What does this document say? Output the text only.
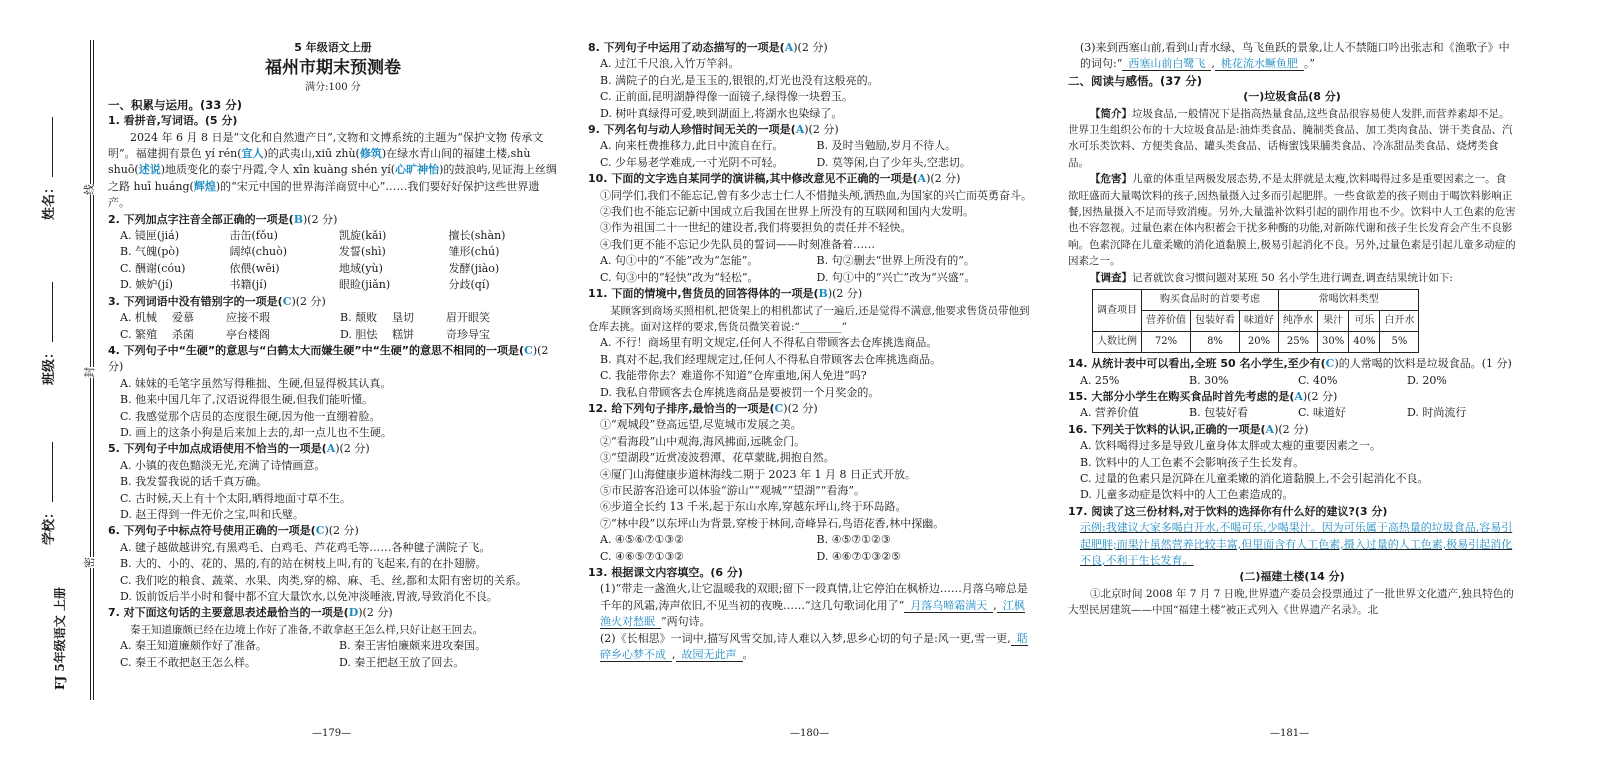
姓名：
班级：
学校：
线
封
密
FJ 5年级语文 上册
5 年级语文上册
福州市期末预测卷
满分:100 分
一、积累与运用。(33 分)
1. 看拼音,写词语。(5 分)
2024 年 6 月 8 日是“文化和自然遗产日”,文物和文博系统的主题为“保护文物 传承文明”。福建拥有景色 yí rén(宜人)的武夷山,xiū zhù(修筑)在绿水青山间的福建土楼,shù shuō(述说)地质变化的泰宁丹霞,令人 xīn kuàng shén yí(心旷神怡)的鼓浪屿,见证海上丝绸之路 huī huáng(辉煌)的“宋元中国的世界海洋商贸中心”……我们要好好保护这些世界遗产。
2. 下列加点字注音全部正确的一项是(B)(2 分)
A. 镜匣(jiá)	击缶(fǒu)	凯旋(kǎi)	擅长(shàn)
B. 气魄(pò)	阔绰(chuò)	发誓(shì)	雏形(chú)
C. 酬谢(cóu)	依偎(wēi)	地域(yù)	发酵(jiào)
D. 嫉妒(jí)	书籍(jí)	眼睑(jiǎn)	分歧(qí)
3. 下列词语中没有错别字的一项是(C)(2 分)
A. 机械	爱慕	应接不瑕	B. 颓败	垦切	眉开眼笑
C. 繁殖	杀菌	亭台楼阁	D. 胆怯	糕饼	奇珍导宝
4. 下列句子中“生硬”的意思与“白鹤太大而嫌生硬”中“生硬”的意思不相同的一项是(C)(2 分)
A. 妹妹的毛笔字虽然写得稚拙、生硬,但显得极其认真。
B. 他来中国几年了,汉语说得很生硬,但我们能听懂。
C. 我感觉那个店员的态度很生硬,因为他一直绷着脸。
D. 画上的这条小狗是后来加上去的,却一点儿也不生硬。
5. 下列句子中加点成语使用不恰当的一项是(A)(2 分)
A. 小镇的夜色黯淡无光,充满了诗情画意。
B. 我发誓我说的话千真万确。
C. 古时候,天上有十个太阳,晒得地面寸草不生。
D. 赵王得到一件无价之宝,叫和氏璧。
6. 下列句子中标点符号使用正确的一项是(C)(2 分)
A. 毽子越做越讲究,有黑鸡毛、白鸡毛、芦花鸡毛等……各种毽子满院子飞。
B. 大的、小的、花的、黑的,有的站在树枝上叫,有的飞起来,有的在扑翅膀。
C. 我们吃的粮食、蔬菜、水果、肉类,穿的棉、麻、毛、丝,都和太阳有密切的关系。
D. 饭前饭后半小时和餐中都不宜大量饮水,以免冲淡唾液,胃液,导致消化不良。
7. 对下面这句话的主要意思表述最恰当的一项是(D)(2 分)
秦王知道廉颇已经在边境上作好了准备,不敢拿赵王怎么样,只好让赵王回去。
A. 秦王知道廉颇作好了准备。	B. 秦王害怕廉颇来进攻秦国。
C. 秦王不敢把赵王怎么样。	D. 秦王把赵王放了回去。
—179—
8. 下列句子中运用了动态描写的一项是(A)(2 分)
A. 过江千尺浪,入竹万竿斜。
B. 满院子的白光,是玉玉的,银银的,灯光也没有这般亮的。
C. 正前面,昆明湖静得像一面镜子,绿得像一块碧玉。
D. 树叶真绿得可爱,映到湖面上,将湖水也染绿了。
9. 下列名句与动人珍惜时间无关的一项是(A)(2 分)
A. 向来枉费推移力,此日中流自在行。	B. 及时当勉励,岁月不待人。
C. 少年易老学难成,一寸光阴不可轻。	D. 莫等闲,白了少年头,空悲切。
10. 下面的文字选自某同学的演讲稿,其中修改意见不正确的一项是(A)(2 分)
①同学们,我们不能忘记,曾有多少志士仁人不惜抛头颅,洒热血,为国家的兴亡而英勇奋斗。
②我们也不能忘记新中国成立后我国在世界上所没有的互联网和国内大发明。
③作为祖国二十一世纪的建设者,我们将要担负的责任并不轻快。
④我们更不能不忘记少先队员的誓词——时刻准备着……
A. 句①中的“不能”改为“怎能”。	B. 句②删去“世界上所没有的”。
C. 句③中的“轻快”改为“轻松”。	D. 句①中的“兴亡”改为“兴盛”。
11. 下面的情境中,售货员的回答得体的一项是(B)(2 分)
某顾客到商场买照相机,把货架上的相机都试了一遍后,还是觉得不满意,他要求售货员带他到仓库去挑。面对这样的要求,售货员微笑着说:“________”
A. 不行！商场里有明文规定,任何人不得私自带顾客去仓库挑选商品。
B. 真对不起,我们经理规定过,任何人不得私自带顾客去仓库挑选商品。
C. 我能带你去？难道你不知道“仓库重地,闲人免进”吗?
D. 我私自带顾客去仓库挑选商品是要被罚一个月奖金的。
12. 给下列句子排序,最恰当的一项是(C)(2 分)
①“观城段”登高远望,尽览城市发展之美。
②“看海段”山中观海,海风拂面,远眺金门。
③“望湖段”近赏凌波碧潭、花草蒙眬,拥抱自然。
④厦门山海健康步道林海线二期于 2023 年 1 月 8 日正式开放。
⑤市民游客沿途可以体验“游山”“观城”“望湖”“看海”。
⑥步道全长约 13 千米,起于东山水库,穿越东坪山,终于环岛路。
⑦“林中段”以东坪山为背景,穿梭于林间,奇峰异石,鸟语花香,林中探幽。
A. ④⑤⑥⑦①③②	B. ④⑤⑦①②③
C. ④⑥⑤⑦①③②	D. ④⑥⑦①③②⑤
13. 根据课文内容填空。(6 分)
(1)“带走一盏渔火,让它温暖我的双眼;留下一段真情,让它停泊在枫桥边……月落乌啼总是千年的风霜,涛声依旧,不见当初的夜晚……”这几句歌词化用了“ 月落乌啼霜满天 , 江枫渔火对愁眠 ”两句诗。
(2)《长相思》一词中,描写风雪交加,诗人难以入梦,思乡心切的句子是:风一更,雪一更, 聒碎乡心梦不成 , 故园无此声 。
—180—
(3)来到西塞山前,看到山青水绿、鸟飞鱼跃的景象,让人不禁随口吟出张志和《渔歌子》中的词句:“ 西塞山前白鹭飞 , 桃花流水鳜鱼肥 。”
二、阅读与感悟。(37 分)
(一)垃圾食品(8 分)
【简介】垃圾食品,一般情况下是指高热量食品,这些食品很容易使人发胖,而营养素却不足。世界卫生组织公布的十大垃圾食品是:油炸类食品、腌制类食品、加工类肉食品、饼干类食品、汽水可乐类饮料、方便类食品、罐头类食品、话梅蜜饯果脯类食品、冷冻甜品类食品、烧烤类食品。
【危害】儿童的体重呈两极发展态势,不是太胖就是太瘦,饮料喝得过多是重要因素之一。食欲旺盛而大量喝饮料的孩子,因热量摄入过多而引起肥胖。一些食欲差的孩子则由于喝饮料影响正餐,因热量摄入不足而导致消瘦。另外,大量滥补饮料引起的副作用也不少。饮料中人工色素的危害也不容忽视。过量色素在体内积蓄会干扰多种酶的功能,对新陈代谢和孩子生长发育会产生不良影响。色素沉降在儿童柔嫩的消化道黏膜上,极易引起消化不良。另外,过量色素是引起儿童多动症的因素之一。
【调查】记者就饮食习惯问题对某班 50 名小学生进行调查,调查结果统计如下:
调查项目	购买食品时的首要考虑			常喝饮料类型			
	营养价值	包装好看	味道好	纯净水	果汁	可乐	白开水
人数比例	72%	8%	20%	25%	30%	40%	5%
14. 从统计表中可以看出,全班 50 名小学生,至少有(C)的人常喝的饮料是垃圾食品。(1 分)
A. 25%	B. 30%	C. 40%	D. 20%
15. 大部分小学生在购买食品时首先考虑的是(A)(2 分)
A. 营养价值	B. 包装好看	C. 味道好	D. 时尚流行
16. 下列关于饮料的认识,正确的一项是(A)(2 分)
A. 饮料喝得过多是导致儿童身体太胖或太瘦的重要因素之一。
B. 饮料中的人工色素不会影响孩子生长发育。
C. 过量的色素只是沉降在儿童柔嫩的消化道黏膜上,不会引起消化不良。
D. 儿童多动症是饮料中的人工色素造成的。
17. 阅读了这三份材料,对于饮料的选择你有什么好的建议?(3 分)
示例:我建议大家多喝白开水,不喝可乐,少喝果汁。因为可乐属于高热量的垃圾食品,容易引起肥胖;而果汁虽然营养比较丰富,但里面含有人工色素,摄入过量的人工色素,极易引起消化不良,不利于生长发育。
(二)福建土楼(14 分)
①北京时间 2008 年 7 月 7 日晚,世界遗产委员会投票通过了一批世界文化遗产,独具特色的大型民居建筑——中国“福建土楼”被正式列入《世界遗产名录》。北
—181—
